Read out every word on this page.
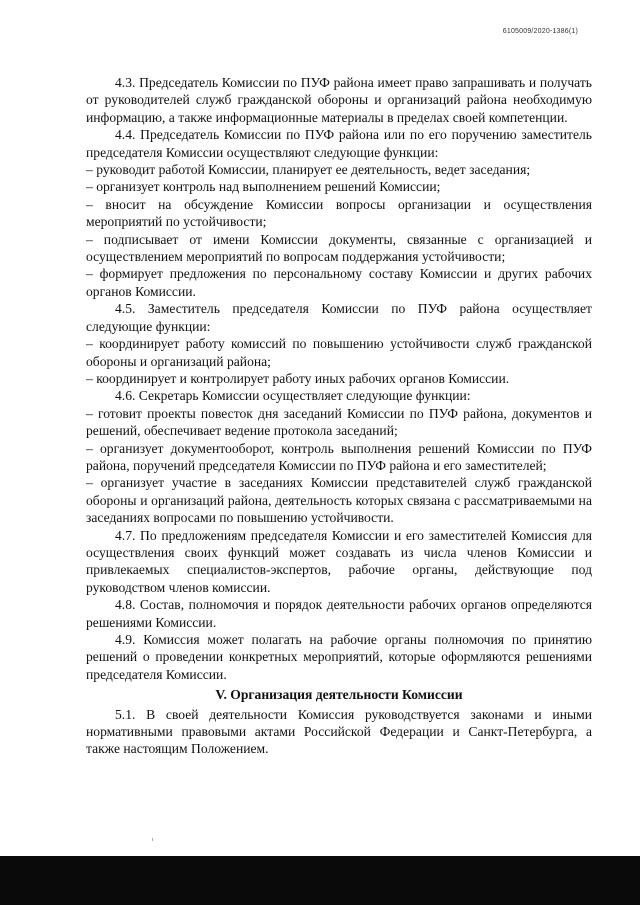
6105009/2020-1386(1)

4.3. Председатель Комиссии по ПУФ района имеет право запрашивать и получать от руководителей служб гражданской обороны и организаций района необходимую информацию, а также информационные материалы в пределах своей компетенции.

4.4. Председатель Комиссии по ПУФ района или по его поручению заместитель председателя Комиссии осуществляют следующие функции:

– руководит работой Комиссии, планирует ее деятельность, ведет заседания;

– организует контроль над выполнением решений Комиссии;

– вносит на обсуждение Комиссии вопросы организации и осуществления мероприятий по устойчивости;

– подписывает от имени Комиссии документы, связанные с организацией и осуществлением мероприятий по вопросам поддержания устойчивости;

– формирует предложения по персональному составу Комиссии и других рабочих органов Комиссии.

4.5. Заместитель председателя Комиссии по ПУФ района осуществляет следующие функции:

– координирует работу комиссий по повышению устойчивости служб гражданской обороны и организаций района;

– координирует и контролирует работу иных рабочих органов Комиссии.

4.6. Секретарь Комиссии осуществляет следующие функции:

– готовит проекты повесток дня заседаний Комиссии по ПУФ района, документов и решений, обеспечивает ведение протокола заседаний;

– организует документооборот, контроль выполнения решений Комиссии по ПУФ района, поручений председателя Комиссии по ПУФ района и его заместителей;

– организует участие в заседаниях Комиссии представителей служб гражданской обороны и организаций района, деятельность которых связана с рассматриваемыми на заседаниях вопросами по повышению устойчивости.

4.7. По предложениям председателя Комиссии и его заместителей Комиссия для осуществления своих функций может создавать из числа членов Комиссии и привлекаемых специалистов-экспертов, рабочие органы, действующие под руководством членов комиссии.

4.8. Состав, полномочия и порядок деятельности рабочих органов определяются решениями Комиссии.

4.9. Комиссия может полагать на рабочие органы полномочия по принятию решений о проведении конкретных мероприятий, которые оформляются решениями председателя Комиссии.

V. Организация деятельности Комиссии

5.1. В своей деятельности Комиссия руководствуется законами и иными нормативными правовыми актами Российской Федерации и Санкт-Петербурга, а также настоящим Положением.
